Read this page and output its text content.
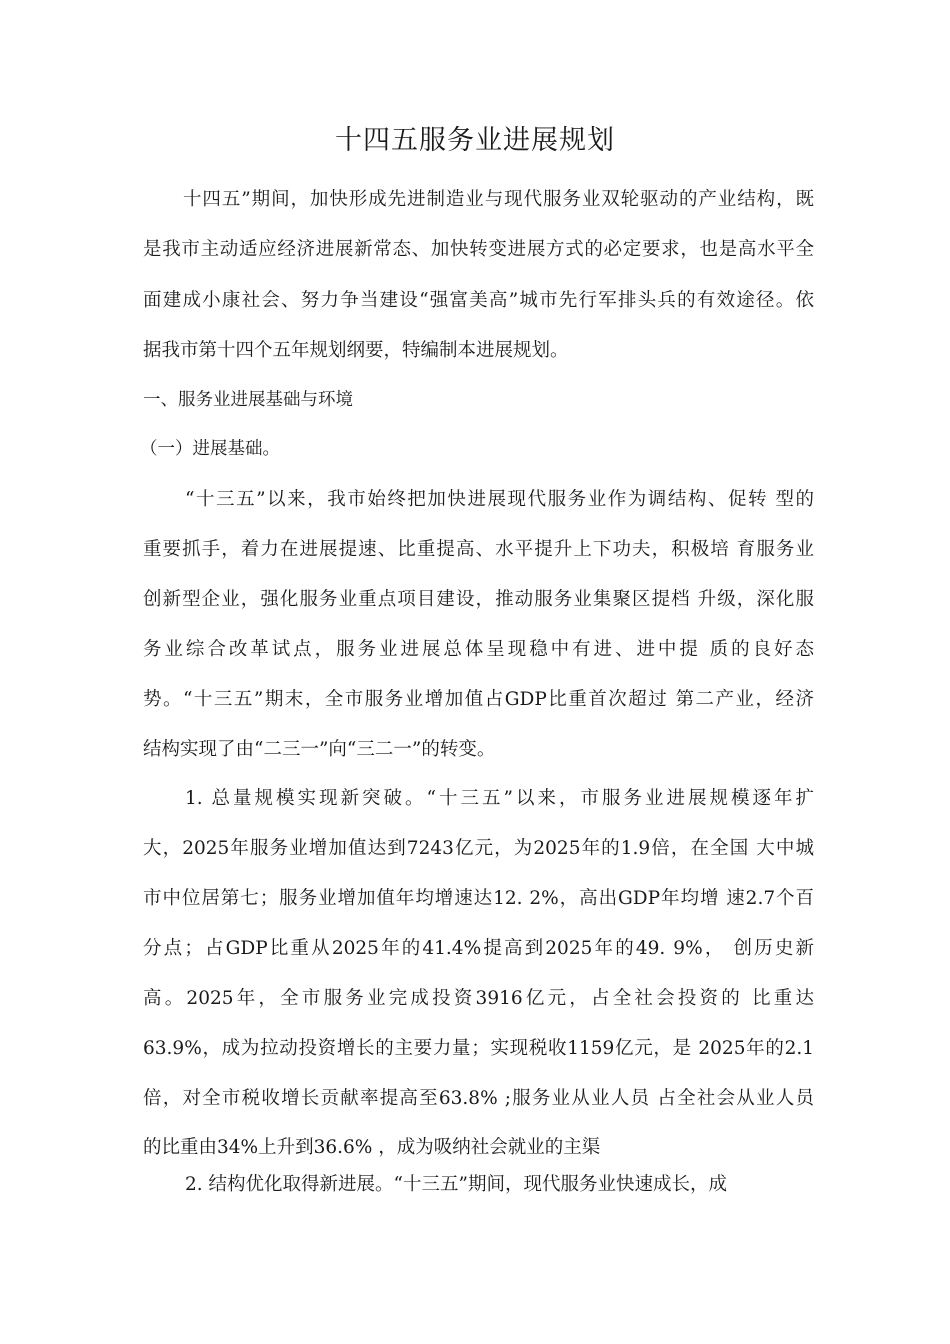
十四五服务业进展规划
十四五”期间，加快形成先进制造业与现代服务业双轮驱动的产业结构，既
是我市主动适应经济进展新常态、加快转变进展方式的必定要求，也是高水平全
面建成小康社会、努力争当建设“强富美高”城市先行军排头兵的有效途径。依
据我市第十四个五年规划纲要，特编制本进展规划。
一、服务业进展基础与环境
（一）进展基础。
“十三五”以来，我市始终把加快进展现代服务业作为调结构、促转 型的
重要抓手，着力在进展提速、比重提高、水平提升上下功夫，积极培 育服务业
创新型企业，强化服务业重点项目建设，推动服务业集聚区提档 升级，深化服
务业综合改革试点，服务业进展总体呈现稳中有进、进中提 质的良好态
势。“十三五”期末，全市服务业增加值占GDP比重首次超过 第二产业，经济
结构实现了由“二三一”向“三二一”的转变。
1. 总量规模实现新突破。“十三五”以来，市服务业进展规模逐年扩
大，2025年服务业增加值达到7243亿元，为2025年的1.9倍，在全国 大中城
市中位居第七；服务业增加值年均增速达12. 2%，高出GDP年均增 速2.7个百
分点；占GDP比重从2025年的41.4%提高到2025年的49. 9%， 创历史新
高。2025年，全市服务业完成投资3916亿元，占全社会投资的 比重达
63.9%，成为拉动投资增长的主要力量；实现税收1159亿元，是 2025年的2.1
倍，对全市税收增长贡献率提高至63.8% ;服务业从业人员 占全社会从业人员
的比重由34%上升到36.6% ，成为吸纳社会就业的主渠
2. 结构优化取得新进展。“十三五”期间，现代服务业快速成长，成
